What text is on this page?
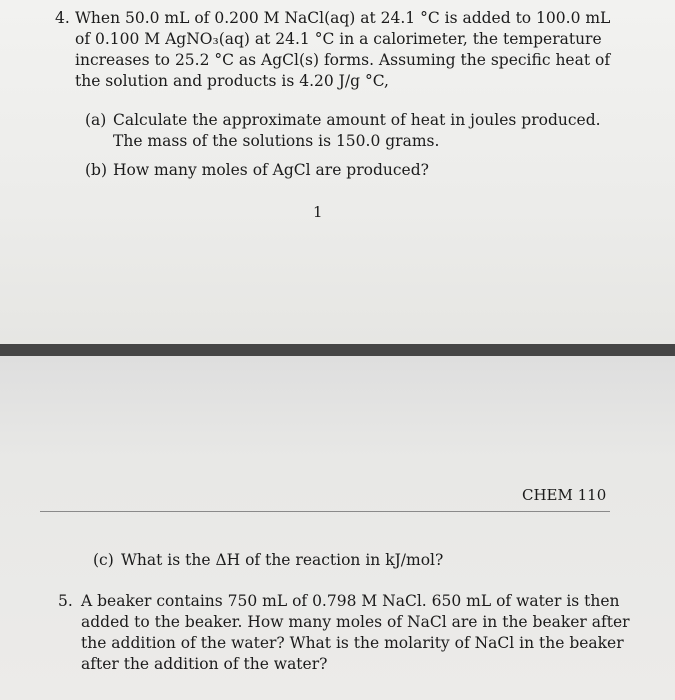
4. When 50.0 mL of 0.200 M NaCl(aq) at 24.1 °C is added to 100.0 mL
of 0.100 M AgNO₃(aq) at 24.1 °C in a calorimeter, the temperature
increases to 25.2 °C as AgCl(s) forms. Assuming the specific heat of
the solution and products is 4.20 J/g °C,
(a) Calculate the approximate amount of heat in joules produced.
The mass of the solutions is 150.0 grams.
(b) How many moles of AgCl are produced?
1
CHEM 110
(c) What is the ΔH of the reaction in kJ/mol?
5. A beaker contains 750 mL of 0.798 M NaCl. 650 mL of water is then
added to the beaker. How many moles of NaCl are in the beaker after
the addition of the water? What is the molarity of NaCl in the beaker
after the addition of the water?
